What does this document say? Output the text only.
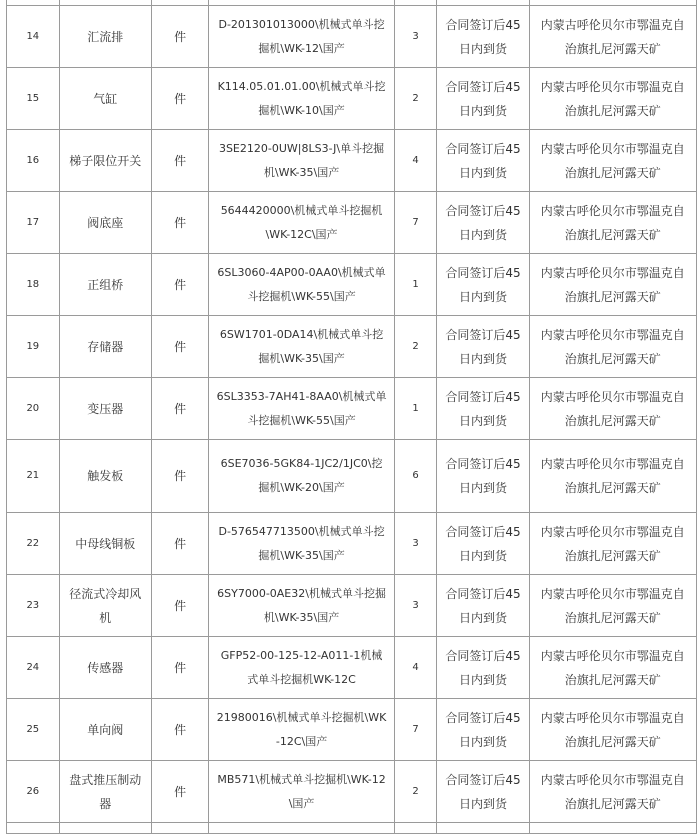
14	汇流排	件	D-201301013000\机械式单斗挖掘机\WK-12\国产	3	合同签订后45日内到货	内蒙古呼伦贝尔市鄂温克自治旗扎尼河露天矿
15	气缸	件	K114.05.01.01.00\机械式单斗挖掘机\WK-10\国产	2	合同签订后45日内到货	内蒙古呼伦贝尔市鄂温克自治旗扎尼河露天矿
16	梯子限位开关	件	3SE2120-0UW|8LS3-J\单斗挖掘机\WK-35\国产	4	合同签订后45日内到货	内蒙古呼伦贝尔市鄂温克自治旗扎尼河露天矿
17	阀底座	件	5644420000\机械式单斗挖掘机\WK-12C\国产	7	合同签订后45日内到货	内蒙古呼伦贝尔市鄂温克自治旗扎尼河露天矿
18	正组桥	件	6SL3060-4AP00-0AA0\机械式单斗挖掘机\WK-55\国产	1	合同签订后45日内到货	内蒙古呼伦贝尔市鄂温克自治旗扎尼河露天矿
19	存储器	件	6SW1701-0DA14\机械式单斗挖掘机\WK-35\国产	2	合同签订后45日内到货	内蒙古呼伦贝尔市鄂温克自治旗扎尼河露天矿
20	变压器	件	6SL3353-7AH41-8AA0\机械式单斗挖掘机\WK-55\国产	1	合同签订后45日内到货	内蒙古呼伦贝尔市鄂温克自治旗扎尼河露天矿
21	触发板	件	6SE7036-5GK84-1JC2/1JC0\挖掘机\WK-20\国产	6	合同签订后45日内到货	内蒙古呼伦贝尔市鄂温克自治旗扎尼河露天矿
22	中母线铜板	件	D-576547713500\机械式单斗挖掘机\WK-35\国产	3	合同签订后45日内到货	内蒙古呼伦贝尔市鄂温克自治旗扎尼河露天矿
23	径流式冷却风机	件	6SY7000-0AE32\机械式单斗挖掘机\WK-35\国产	3	合同签订后45日内到货	内蒙古呼伦贝尔市鄂温克自治旗扎尼河露天矿
24	传感器	件	GFP52-00-125-12-A011-1机械式单斗挖掘机WK-12C	4	合同签订后45日内到货	内蒙古呼伦贝尔市鄂温克自治旗扎尼河露天矿
25	单向阀	件	21980016\机械式单斗挖掘机\WK-12C\国产	7	合同签订后45日内到货	内蒙古呼伦贝尔市鄂温克自治旗扎尼河露天矿
26	盘式推压制动器	件	MB571\机械式单斗挖掘机\WK-12\国产	2	合同签订后45日内到货	内蒙古呼伦贝尔市鄂温克自治旗扎尼河露天矿
